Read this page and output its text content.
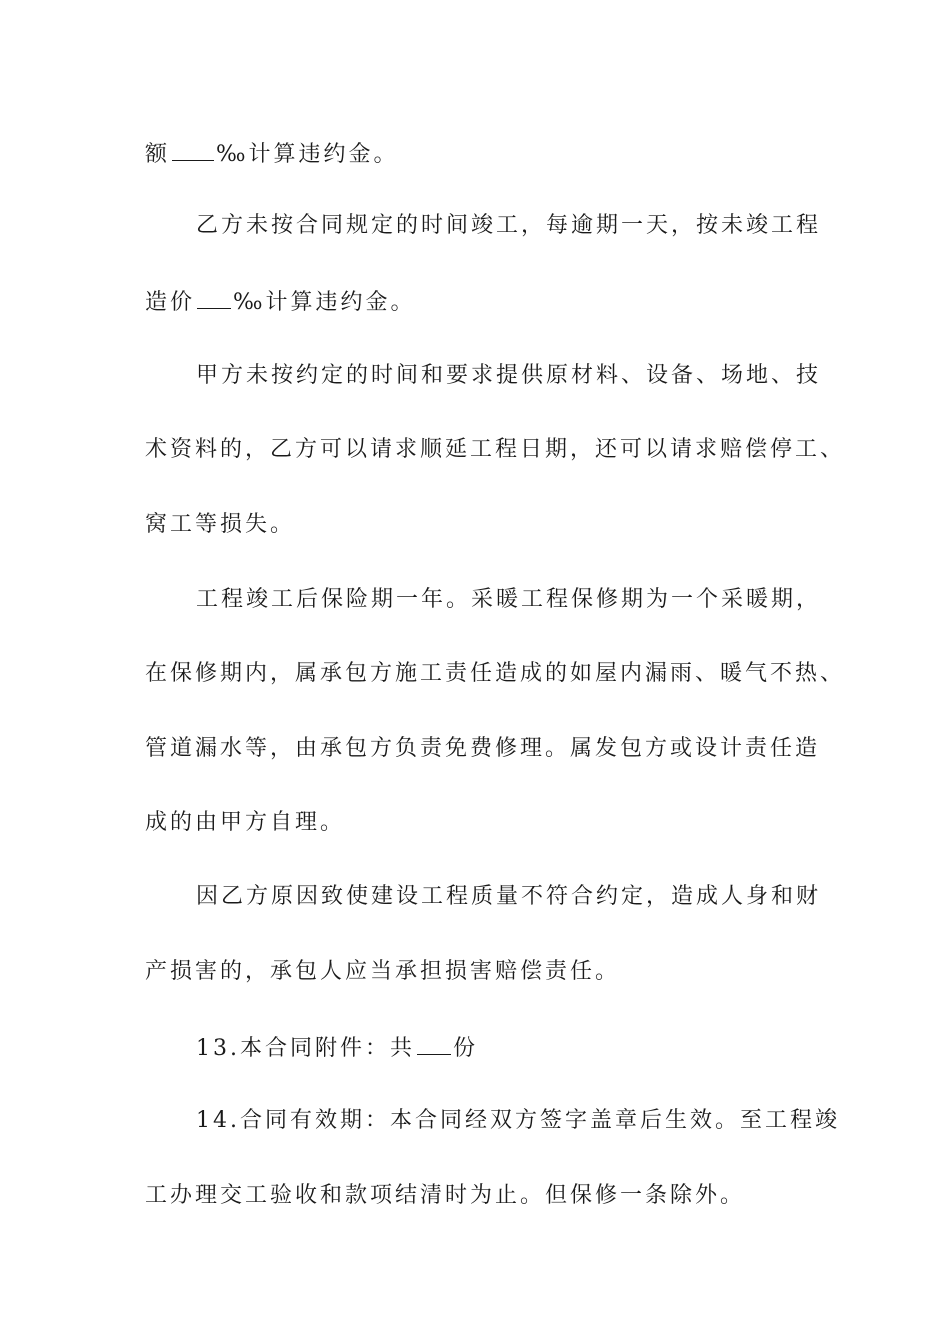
额 ‰计算违约金。
乙方未按合同规定的时间竣工，每逾期一天，按未竣工程
造价 ‰计算违约金。
甲方未按约定的时间和要求提供原材料、设备、场地、技
术资料的，乙方可以请求顺延工程日期，还可以请求赔偿停工、
窝工等损失。
工程竣工后保险期一年。采暖工程保修期为一个采暖期，
在保修期内，属承包方施工责任造成的如屋内漏雨、暖气不热、
管道漏水等，由承包方负责免费修理。属发包方或设计责任造
成的由甲方自理。
因乙方原因致使建设工程质量不符合约定，造成人身和财
产损害的，承包人应当承担损害赔偿责任。
13.本合同附件：共 份
14.合同有效期：本合同经双方签字盖章后生效。至工程竣
工办理交工验收和款项结清时为止。但保修一条除外。
